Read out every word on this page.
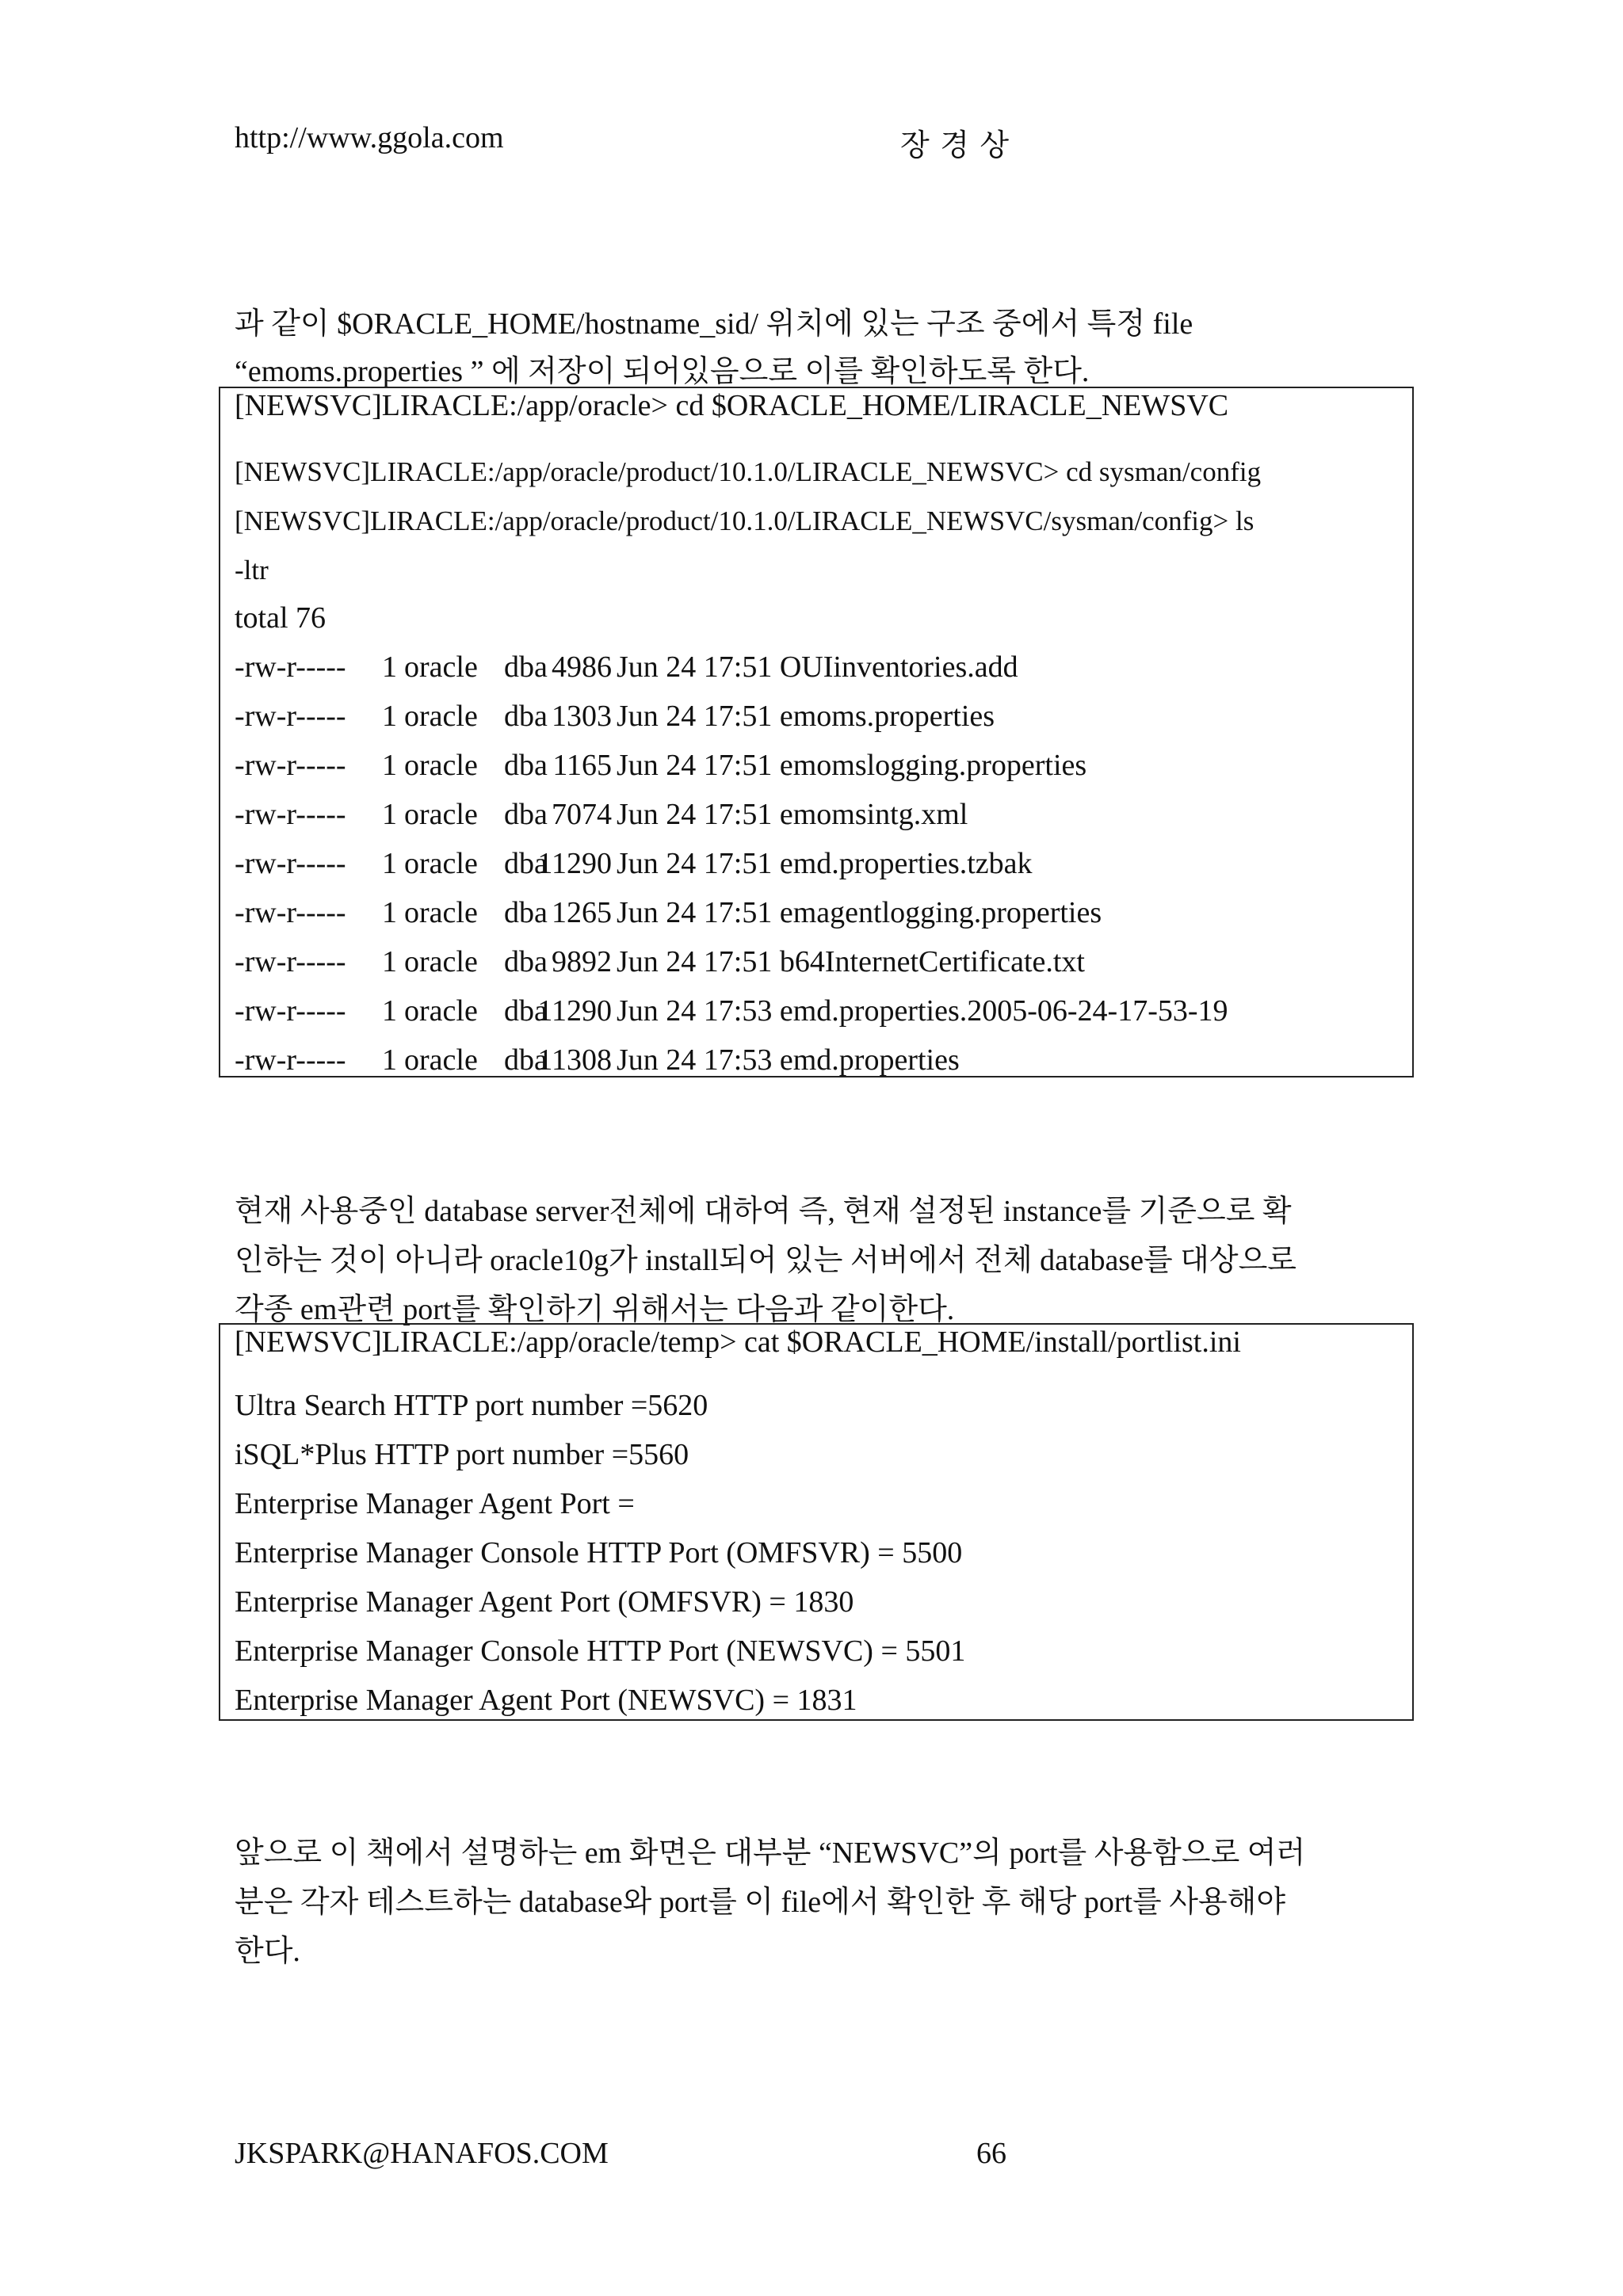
http://www.ggola.com	장 경 상
과 같이 $ORACLE_HOME/hostname_sid/ 위치에 있는 구조 중에서 특정 file
“emoms.properties ” 에 저장이 되어있음으로 이를 확인하도록 한다.
[NEWSVC]LIRACLE:/app/oracle> cd $ORACLE_HOME/LIRACLE_NEWSVC
[NEWSVC]LIRACLE:/app/oracle/product/10.1.0/LIRACLE_NEWSVC> cd sysman/config
[NEWSVC]LIRACLE:/app/oracle/product/10.1.0/LIRACLE_NEWSVC/sysman/config> ls
-ltr
total 76
-rw-r----- 1 oracle dba 4986 Jun 24 17:51 OUIinventories.add
-rw-r----- 1 oracle dba 1303 Jun 24 17:51 emoms.properties
-rw-r----- 1 oracle dba 1165 Jun 24 17:51 emomslogging.properties
-rw-r----- 1 oracle dba 7074 Jun 24 17:51 emomsintg.xml
-rw-r----- 1 oracle dba
11290 Jun 24 17:51 emd.properties.tzbak
-rw-r----- 1 oracle dba 1265 Jun 24 17:51 emagentlogging.properties
-rw-r----- 1 oracle dba 9892 Jun 24 17:51 b64InternetCertificate.txt
-rw-r----- 1 oracle dba
11290 Jun 24 17:53 emd.properties.2005-06-24-17-53-19
-rw-r----- 1 oracle dba
11308 Jun 24 17:53 emd.properties
현재 사용중인 database server전체에 대하여 즉, 현재 설정된 instance를 기준으로 확
인하는 것이 아니라 oracle10g가 install되어 있는 서버에서 전체 database를 대상으로
각종 em관련 port를 확인하기 위해서는 다음과 같이한다.
[NEWSVC]LIRACLE:/app/oracle/temp> cat $ORACLE_HOME/install/portlist.ini
Ultra Search HTTP port number =5620
iSQL*Plus HTTP port number =5560
Enterprise Manager Agent Port =
Enterprise Manager Console HTTP Port (OMFSVR) = 5500
Enterprise Manager Agent Port (OMFSVR) = 1830
Enterprise Manager Console HTTP Port (NEWSVC) = 5501
Enterprise Manager Agent Port (NEWSVC) = 1831
앞으로 이 책에서 설명하는 em 화면은 대부분 “NEWSVC”의 port를 사용함으로 여러
분은 각자 테스트하는 database와 port를 이 file에서 확인한 후 해당 port를 사용해야
한다.
JKSPARK@HANAFOS.COM	66
